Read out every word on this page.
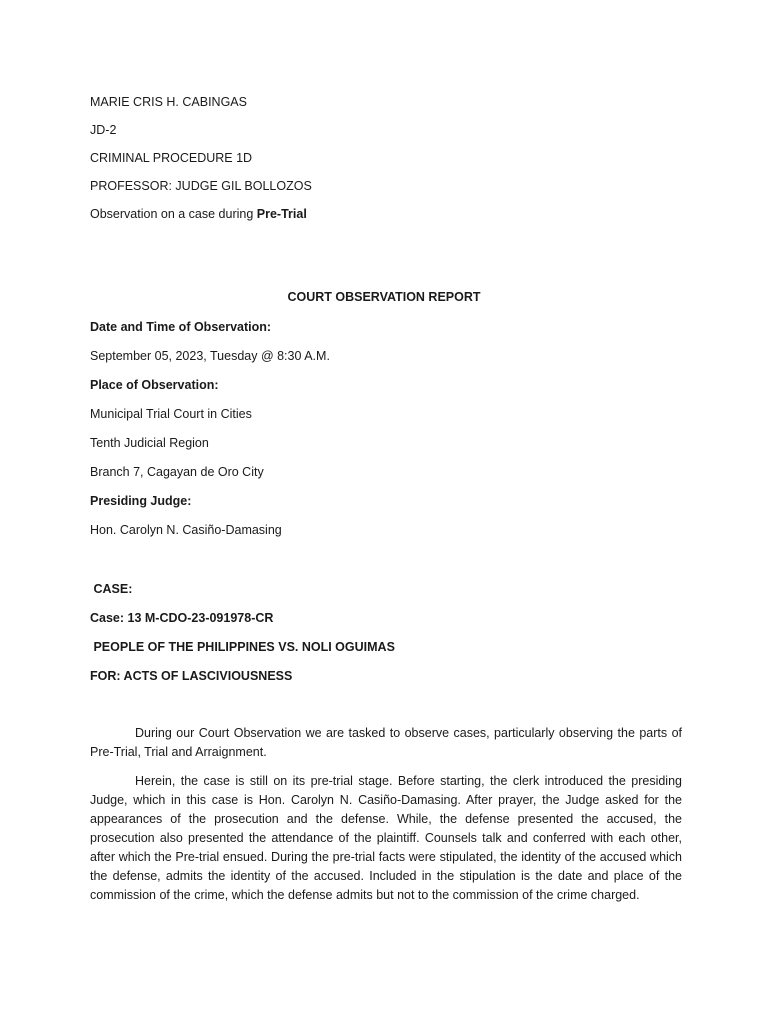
MARIE CRIS H. CABINGAS
JD-2
CRIMINAL PROCEDURE 1D
PROFESSOR: JUDGE GIL BOLLOZOS
Observation on a case during Pre-Trial
COURT OBSERVATION REPORT
Date and Time of Observation:
September 05, 2023, Tuesday @ 8:30 A.M.
Place of Observation:
Municipal Trial Court in Cities
Tenth Judicial Region
Branch 7, Cagayan de Oro City
Presiding Judge:
Hon. Carolyn N. Casiño-Damasing
CASE:
Case: 13 M-CDO-23-091978-CR
PEOPLE OF THE PHILIPPINES VS. NOLI OGUIMAS
FOR: ACTS OF LASCIVIOUSNESS
During our Court Observation we are tasked to observe cases, particularly observing the parts of Pre-Trial, Trial and Arraignment.
Herein, the case is still on its pre-trial stage. Before starting, the clerk introduced the presiding Judge, which in this case is Hon. Carolyn N. Casiño-Damasing. After prayer, the Judge asked for the appearances of the prosecution and the defense. While, the defense presented the accused, the prosecution also presented the attendance of the plaintiff. Counsels talk and conferred with each other, after which the Pre-trial ensued. During the pre-trial facts were stipulated, the identity of the accused which the defense, admits the identity of the accused. Included in the stipulation is the date and place of the commission of the crime, which the defense admits but not to the commission of the crime charged.
